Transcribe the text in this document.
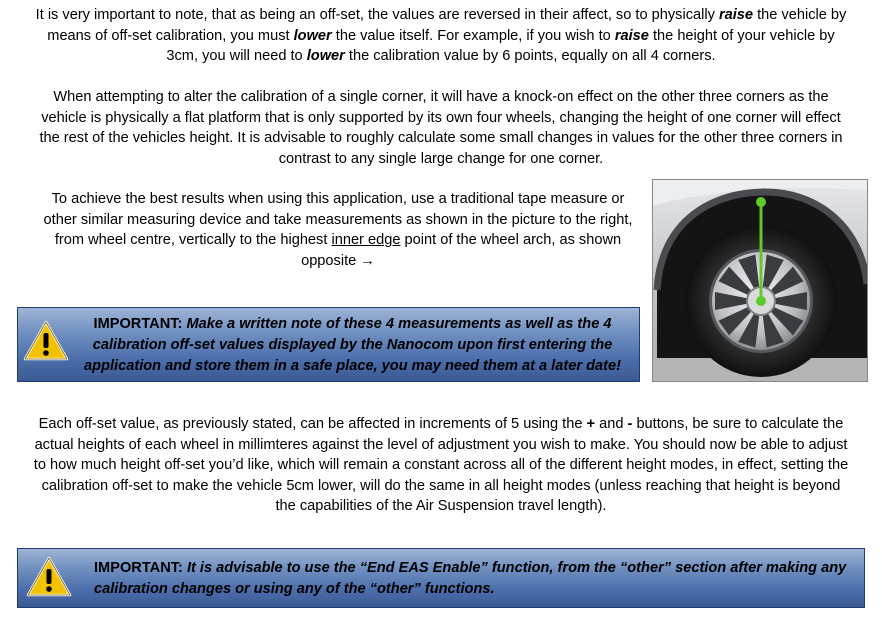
It is very important to note, that as being an off-set, the values are reversed in their affect, so to physically raise the vehicle by means of off-set calibration, you must lower the value itself. For example, if you wish to raise the height of your vehicle by 3cm, you will need to lower the calibration value by 6 points, equally on all 4 corners.

When attempting to alter the calibration of a single corner, it will have a knock-on effect on the other three corners as the vehicle is physically a flat platform that is only supported by its own four wheels, changing the height of one corner will effect the rest of the vehicles height. It is advisable to roughly calculate some small changes in values for the other three corners in contrast to any single large change for one corner.

To achieve the best results when using this application, use a traditional tape measure or other similar measuring device and take measurements as shown in the picture to the right, from wheel centre, vertically to the highest inner edge point of the wheel arch, as shown opposite →

IMPORTANT: Make a written note of these 4 measurements as well as the 4 calibration off-set values displayed by the Nanocom upon first entering the application and store them in a safe place, you may need them at a later date!

Each off-set value, as previously stated, can be affected in increments of 5 using the + and - buttons, be sure to calculate the actual heights of each wheel in millimteres against the level of adjustment you wish to make. You should now be able to adjust to how much height off-set you’d like, which will remain a constant across all of the different height modes, in effect, setting the calibration off-set to make the vehicle 5cm lower, will do the same in all height modes (unless reaching that height is beyond the capabilities of the Air Suspension travel length).

IMPORTANT: It is advisable to use the “End EAS Enable” function, from the “other” section after making any calibration changes or using any of the “other” functions.
